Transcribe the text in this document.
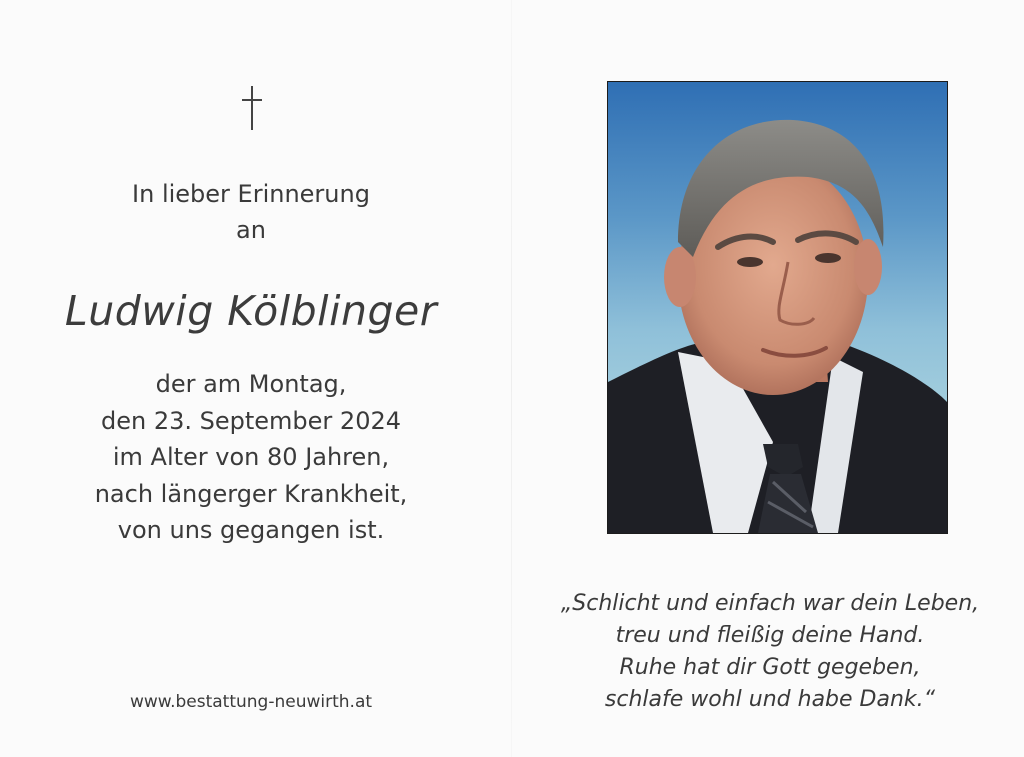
In lieber Erinnerung
an
Ludwig Kölblinger
der am Montag,
den 23. September 2024
im Alter von 80 Jahren,
nach längerger Krankheit,
von uns gegangen ist.
www.bestattung-neuwirth.at
„Schlicht und einfach war dein Leben,
treu und fleißig deine Hand.
Ruhe hat dir Gott gegeben,
schlafe wohl und habe Dank.“
